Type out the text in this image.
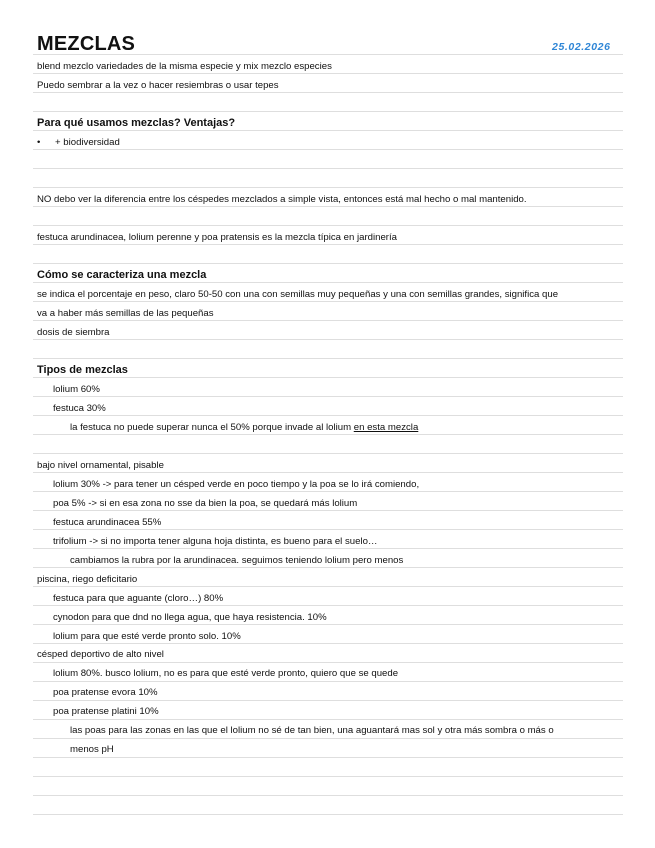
MEZCLAS	25.02.2026
blend mezclo variedades de la misma especie y mix mezclo especies
Puedo sembrar a la vez o hacer resiembras o usar tepes
Para qué usamos mezclas? Ventajas?
• + biodiversidad
NO debo ver la diferencia entre los céspedes mezclados a simple vista, entonces está mal hecho o mal mantenido.
festuca arundinacea, lolium perenne y poa pratensis es la mezcla típica en jardinería
Cómo se caracteriza una mezcla
se indica el porcentaje en peso, claro 50-50 con una con semillas muy pequeñas y una con semillas grandes, significa que
va a haber más semillas de las pequeñas
dosis de siembra
Tipos de mezclas
lolium 60%
festuca 30%
la festuca no puede superar nunca el 50% porque invade al lolium en esta mezcla
bajo nivel ornamental, pisable
lolium 30% -> para tener un césped verde en poco tiempo y la poa se lo irá comiendo,
poa 5% -> si en esa zona no sse da bien la poa, se quedará más lolium
festuca arundinacea 55%
trifolium -> si no importa tener alguna hoja distinta, es bueno para el suelo…
cambiamos la rubra por la arundinacea. seguimos teniendo lolium pero menos
piscina, riego deficitario
festuca para que aguante (cloro…) 80%
cynodon para que dnd no llega agua, que haya resistencia. 10%
lolium para que esté verde pronto solo. 10%
césped deportivo de alto nivel
lolium 80%. busco lolium, no es para que esté verde pronto, quiero que se quede
poa pratense evora 10%
poa pratense platini 10%
las poas para las zonas en las que el lolium no sé de tan bien, una aguantará mas sol y otra más sombra o más o
menos pH
